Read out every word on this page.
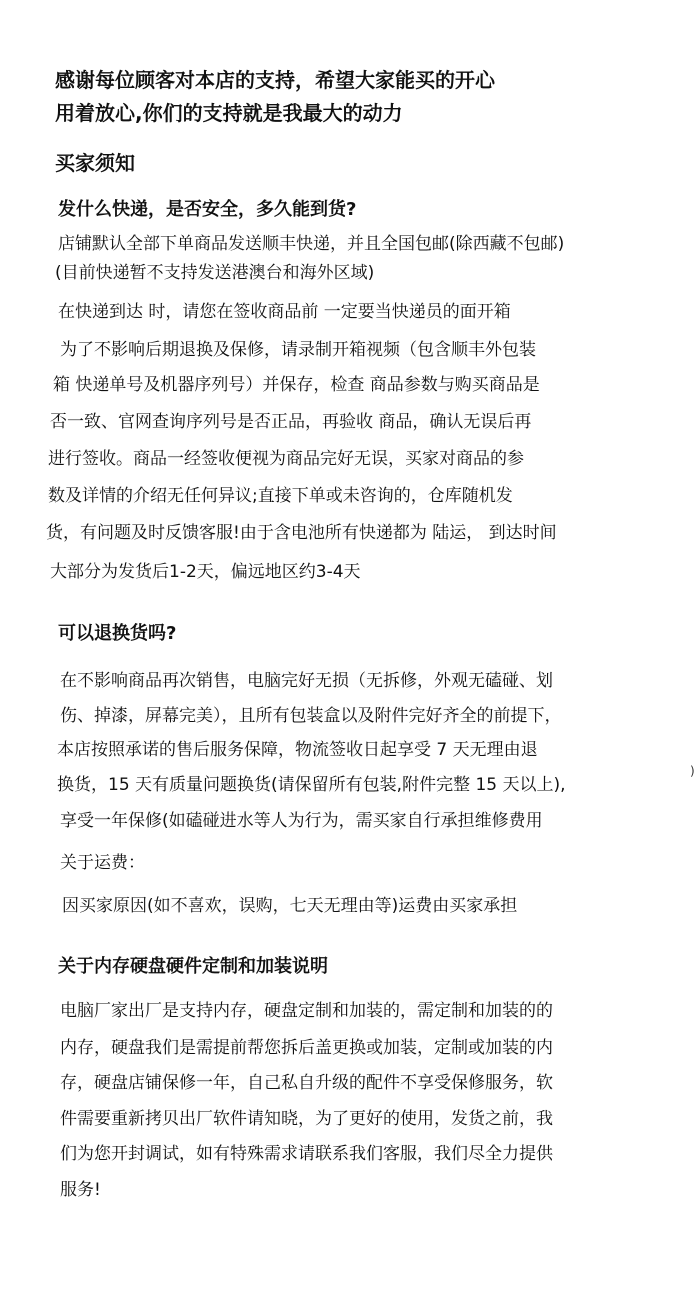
感谢每位顾客对本店的支持，希望大家能买的开心
用着放心,你们的支持就是我最大的动力
买家须知
发什么快递，是否安全，多久能到货?
店铺默认全部下单商品发送顺丰快递，并且全国包邮(除西藏不包邮)
(目前快递暂不支持发送港澳台和海外区域)
在快递到达 时，请您在签收商品前 一定要当快递员的面开箱
为了不影响后期退换及保修，请录制开箱视频（包含顺丰外包装
箱 快递单号及机器序列号）并保存，检查 商品参数与购买商品是
否一致、官网查询序列号是否正品，再验收 商品，确认无误后再
进行签收。商品一经签收便视为商品完好无误，买家对商品的参
数及详情的介绍无任何异议;直接下单或未咨询的，仓库随机发
货，有问题及时反馈客服!由于含电池所有快递都为 陆运， 到达时间
大部分为发货后1-2天，偏远地区约3-4天
可以退换货吗?
在不影响商品再次销售，电脑完好无损（无拆修，外观无磕碰、划
伤、掉漆，屏幕完美），且所有包装盒以及附件完好齐全的前提下，
本店按照承诺的售后服务保障，物流签收日起享受 7 天无理由退
换货，15 天有质量问题换货(请保留所有包装,附件完整 15 天以上),
)
享受一年保修(如磕碰进水等人为行为，需买家自行承担维修费用
关于运费：
因买家原因(如不喜欢，误购，七天无理由等)运费由买家承担
关于内存硬盘硬件定制和加装说明
电脑厂家出厂是支持内存，硬盘定制和加装的，需定制和加装的的
内存，硬盘我们是需提前帮您拆后盖更换或加装，定制或加装的内
存，硬盘店铺保修一年，自己私自升级的配件不享受保修服务，软
件需要重新拷贝出厂软件请知晓，为了更好的使用，发货之前，我
们为您开封调试，如有特殊需求请联系我们客服，我们尽全力提供
服务!
